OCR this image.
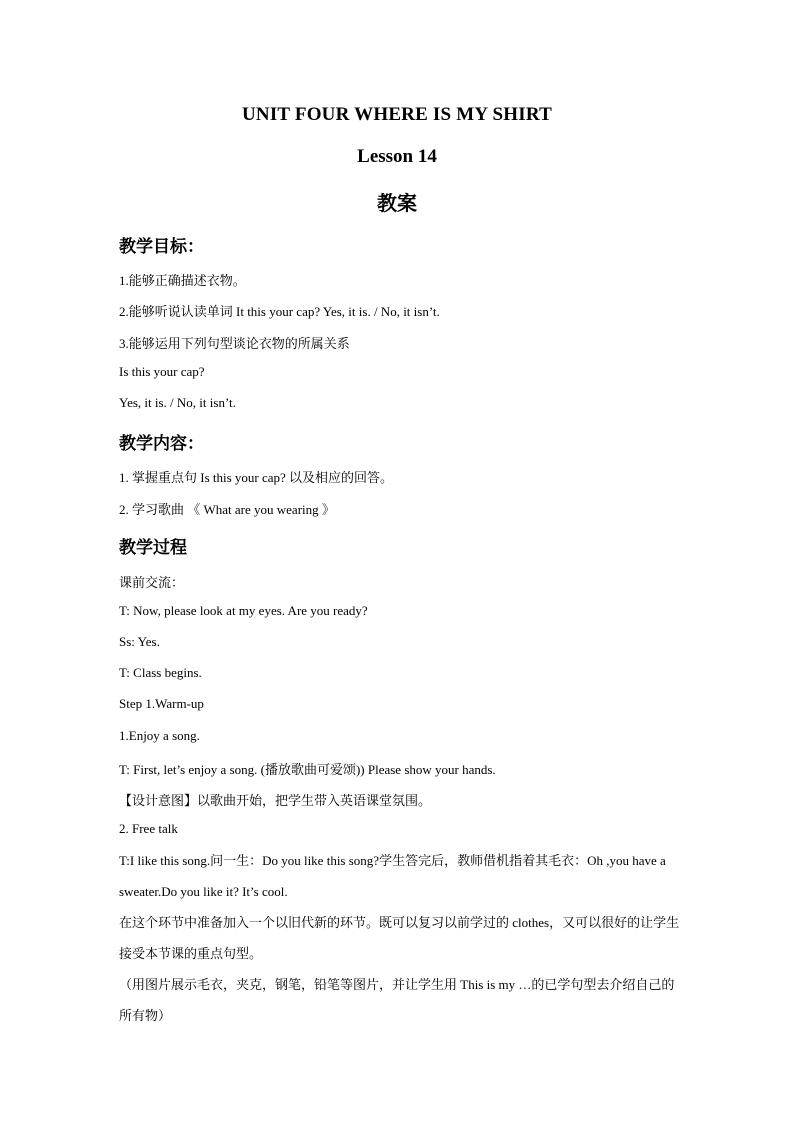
UNIT FOUR WHERE IS MY SHIRT
Lesson 14
教案
教学目标：
1.能够正确描述衣物。
2.能够听说认读单词 It this your cap? Yes, it is. / No, it isn’t.
3.能够运用下列句型谈论衣物的所属关系
Is this your cap?
Yes, it is. / No, it isn’t.
教学内容：
1. 掌握重点句 Is this your cap? 以及相应的回答。
2. 学习歌曲 《 What are you wearing 》
教学过程
课前交流：
T: Now, please look at my eyes. Are you ready?
Ss: Yes.
T: Class begins.
Step 1.Warm-up
1.Enjoy a song.
T: First, let’s enjoy a song. (播放歌曲可爱颂)) Please show your hands.
【设计意图】以歌曲开始，把学生带入英语课堂氛围。
2. Free talk
T:I like this song.问一生：Do you like this song?学生答完后，教师借机指着其毛衣：Oh ,you have a sweater.Do you like it? It’s cool.
在这个环节中准备加入一个以旧代新的环节。既可以复习以前学过的 clothes，又可以很好的让学生接受本节课的重点句型。
（用图片展示毛衣，夹克，钢笔，铅笔等图片，并让学生用 This is my …的已学句型去介绍自己的所有物）
